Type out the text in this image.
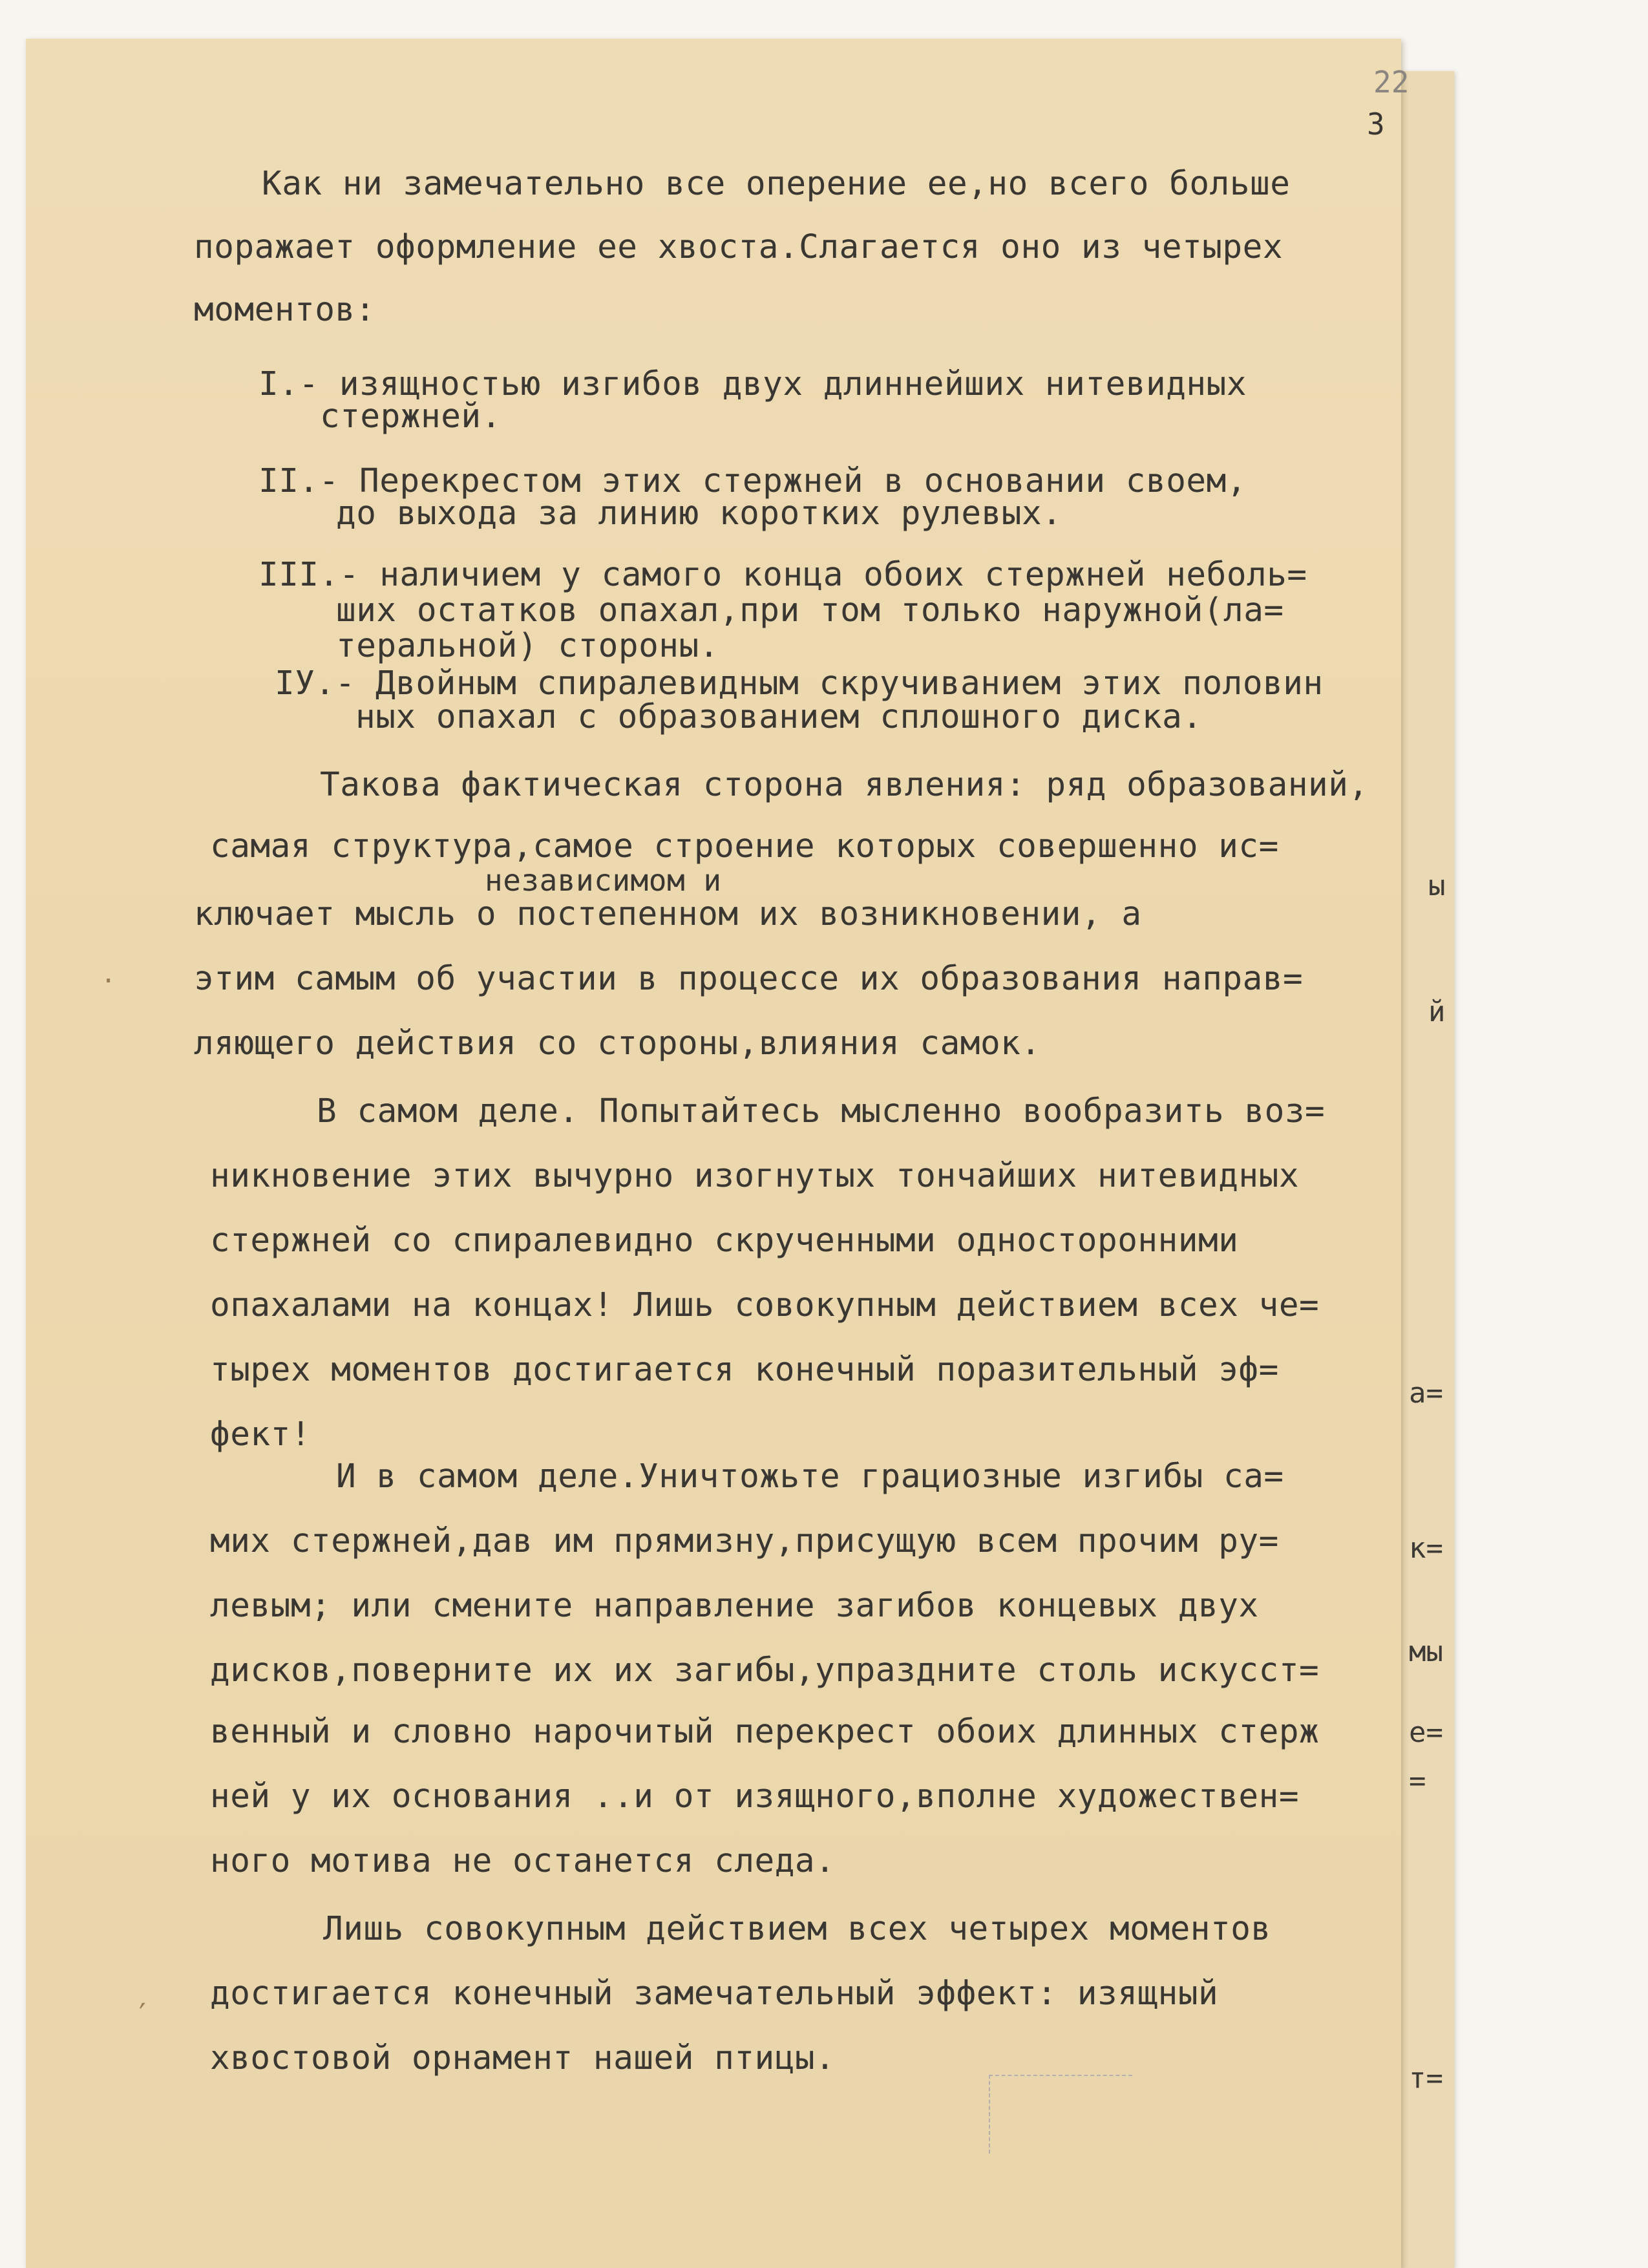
ы
й
а=
к=
мы
е=
=
т=
22
3
Как ни замечательно все оперение ее,но всего больше
поражает оформление ее хвоста.Слагается оно из четырех
моментов:
I.- изящностью изгибов двух длиннейших нитевидных
стержней.
II.- Перекрестом этих стержней в основании своем,
до выхода за линию коротких рулевых.
III.- наличием у самого конца обоих стержней неболь=
ших остатков опахал,при том только наружной(ла=
теральной) стороны.
IУ.- Двойным спиралевидным скручиванием этих половин
ных опахал с образованием сплошного диска.
Такова фактическая сторона явления: ряд образований,
самая структура,самое строение которых совершенно ис=
независимом и
ключает мысль о постепенном их возникновении, а
этим самым об участии в процессе их образования направ=
ляющего действия со стороны,влияния самок.
В самом деле. Попытайтесь мысленно вообразить воз=
никновение этих вычурно изогнутых тончайших нитевидных
стержней со спиралевидно скрученными односторонними
опахалами на концах! Лишь совокупным действием всех че=
тырех моментов достигается конечный поразительный эф=
фект!
И в самом деле.Уничтожьте грациозные изгибы са=
мих стержней,дав им прямизну,присущую всем прочим ру=
левым; или смените направление загибов концевых двух
дисков,поверните их их загибы,упраздните столь искусст=
венный и словно нарочитый перекрест обоих длинных стерж
ней у их основания ..и от изящного,вполне художествен=
ного мотива не останется следа.
Лишь совокупным действием всех четырех моментов
достигается конечный замечательный эффект: изящный
хвостовой орнамент нашей птицы.
·
′
